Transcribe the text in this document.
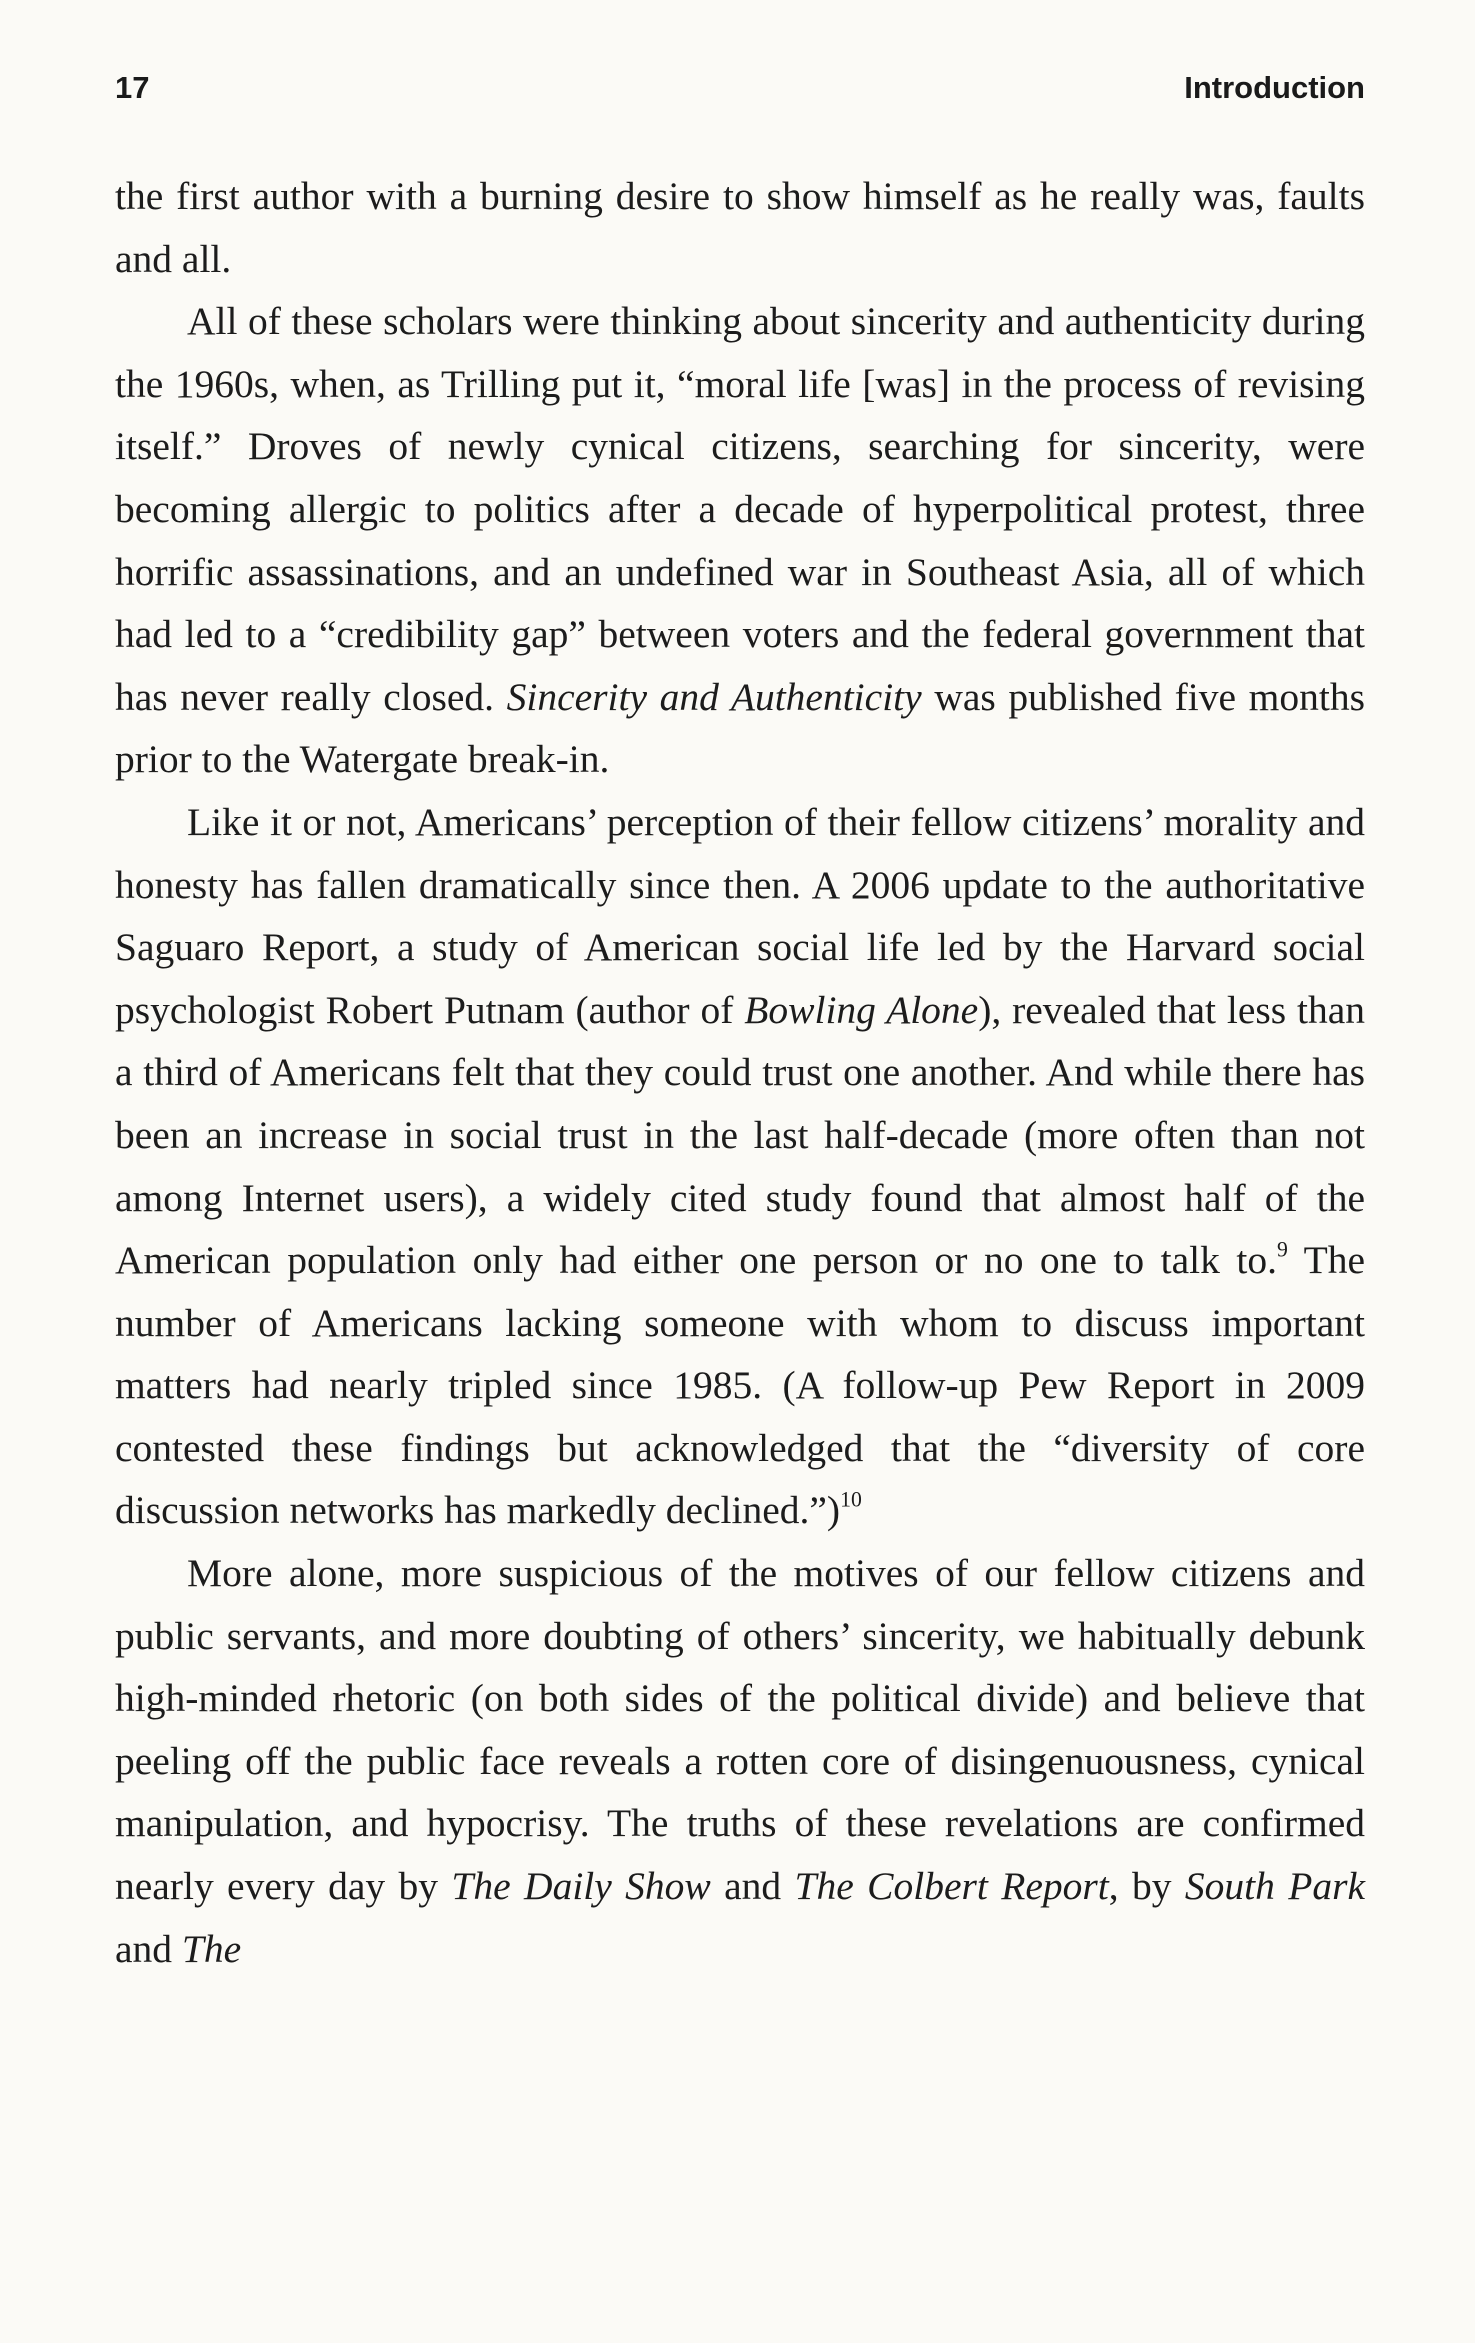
17	Introduction

the first author with a burning desire to show himself as he really was, faults and all.

All of these scholars were thinking about sincerity and authenticity during the 1960s, when, as Trilling put it, “moral life [was] in the process of revising itself.” Droves of newly cynical citizens, searching for sincerity, were becoming allergic to politics after a decade of hyperpolitical protest, three horrific assassinations, and an undefined war in Southeast Asia, all of which had led to a “credibility gap” between voters and the federal government that has never really closed. Sincerity and Authenticity was published five months prior to the Watergate break-in.

Like it or not, Americans’ perception of their fellow citizens’ morality and honesty has fallen dramatically since then. A 2006 update to the authoritative Saguaro Report, a study of American social life led by the Harvard social psychologist Robert Putnam (author of Bowling Alone), revealed that less than a third of Americans felt that they could trust one another. And while there has been an increase in social trust in the last half-decade (more often than not among Internet users), a widely cited study found that almost half of the American population only had either one person or no one to talk to.$^9$ The number of Americans lacking someone with whom to discuss important matters had nearly tripled since 1985. (A follow-up Pew Report in 2009 contested these findings but acknowledged that the “diversity of core discussion networks has markedly declined.”)$^{10}$

More alone, more suspicious of the motives of our fellow citizens and public servants, and more doubting of others’ sincerity, we habitually debunk high-minded rhetoric (on both sides of the political divide) and believe that peeling off the public face reveals a rotten core of disingenuousness, cynical manipulation, and hypocrisy. The truths of these revelations are confirmed nearly every day by The Daily Show and The Colbert Report, by South Park and The
